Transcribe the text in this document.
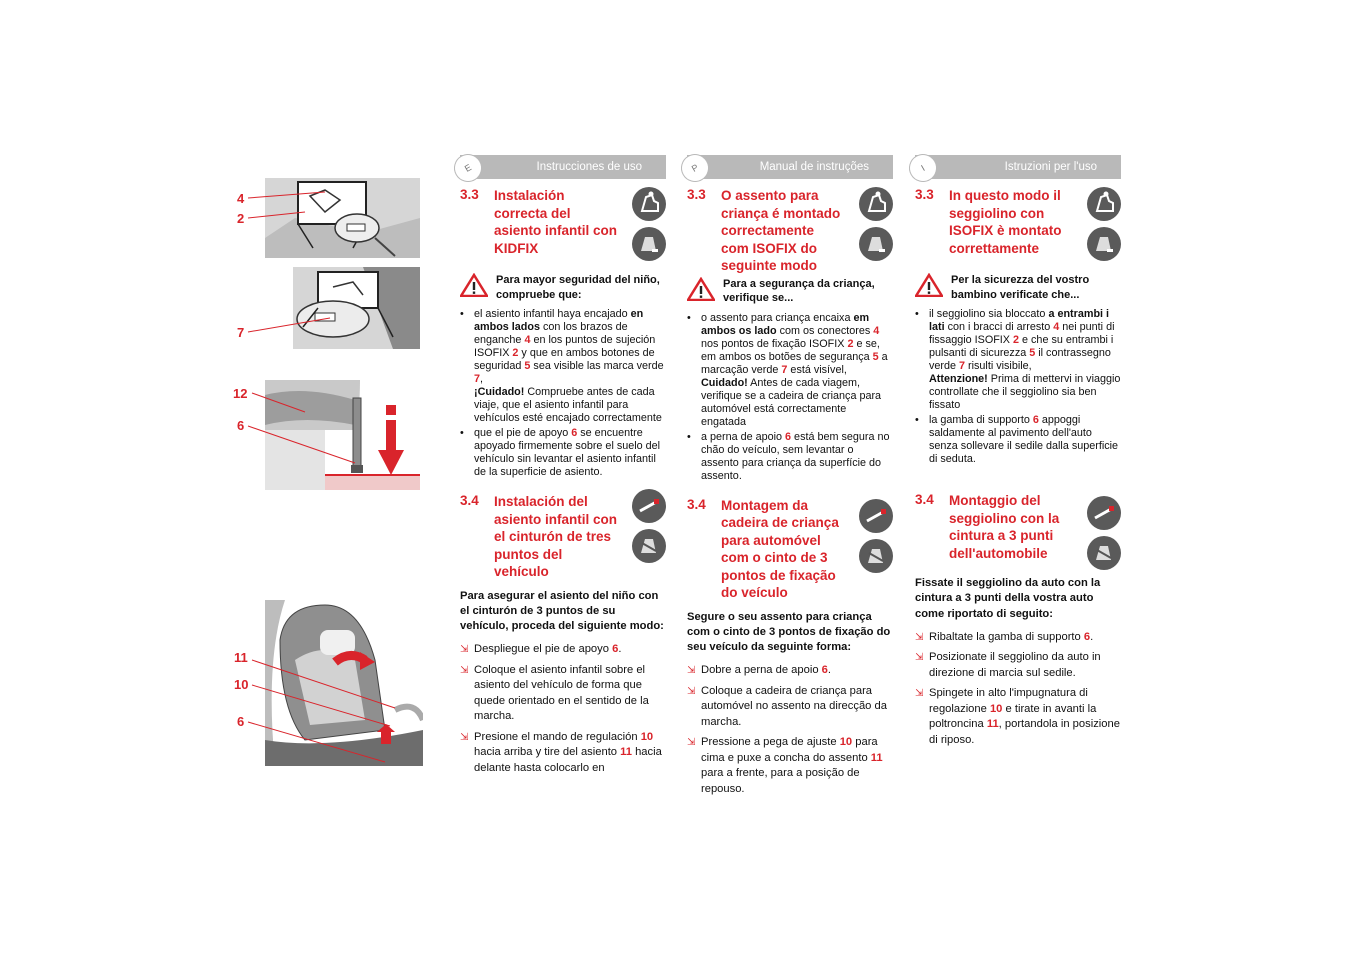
4
2
7
12
6
11
10
6
E	Instrucciones de uso
3.3 Instalación correcta del asiento infantil con KIDFIX
Para mayor seguridad del niño, compruebe que:
• el asiento infantil haya encajado en ambos lados con los brazos de enganche 4 en los puntos de sujeción ISOFIX 2 y que en ambos botones de seguridad 5 sea visible las marca verde 7,
¡Cuidado! Compruebe antes de cada viaje, que el asiento infantil para vehículos esté encajado correctamente
• que el pie de apoyo 6 se encuentre apoyado firmemente sobre el suelo del vehículo sin levantar el asiento infantil de la superficie de asiento.
3.4 Instalación del asiento infantil con el cinturón de tres puntos del vehículo
Para asegurar el asiento del niño con el cinturón de 3 puntos de su vehículo, proceda del siguiente modo:
⇲ Despliegue el pie de apoyo 6.
⇲ Coloque el asiento infantil sobre el asiento del vehículo de forma que quede orientado en el sentido de la marcha.
⇲ Presione el mando de regulación 10 hacia arriba y tire del asiento 11 hacia delante hasta colocarlo en
P	Manual de instruções
3.3 O assento para criança é montado correctamente com ISOFIX do seguinte modo
Para a segurança da criança, verifique se...
• o assento para criança encaixa em ambos os lado com os conectores 4 nos pontos de fixação ISOFIX 2 e se, em ambos os botões de segurança 5 a marcação verde 7 está visível,
Cuidado! Antes de cada viagem, verifique se a cadeira de criança para automóvel está correctamente engatada
• a perna de apoio 6 está bem segura no chão do veículo, sem levantar o assento para criança da superfície do assento.
3.4 Montagem da cadeira de criança para automóvel com o cinto de 3 pontos de fixação do veículo
Segure o seu assento para criança com o cinto de 3 pontos de fixação do seu veículo da seguinte forma:
⇲ Dobre a perna de apoio 6.
⇲ Coloque a cadeira de criança para automóvel no assento na direcção da marcha.
⇲ Pressione a pega de ajuste 10 para cima e puxe a concha do assento 11 para a frente, para a posição de repouso.
I	Istruzioni per l'uso
3.3 In questo modo il seggiolino con ISOFIX è montato correttamente
Per la sicurezza del vostro bambino verificate che...
• il seggiolino sia bloccato a entrambi i lati con i bracci di arresto 4 nei punti di fissaggio ISOFIX 2 e che su entrambi i pulsanti di sicurezza 5 il contrassegno verde 7 risulti visibile,
Attenzione! Prima di mettervi in viaggio controllate che il seggiolino sia ben fissato
• la gamba di supporto 6 appoggi saldamente al pavimento dell'auto senza sollevare il sedile dalla superficie di seduta.
3.4 Montaggio del seggiolino con la cintura a 3 punti dell'automobile
Fissate il seggiolino da auto con la cintura a 3 punti della vostra auto come riportato di seguito:
⇲ Ribaltate la gamba di supporto 6.
⇲ Posizionate il seggiolino da auto in direzione di marcia sul sedile.
⇲ Spingete in alto l'impugnatura di regolazione 10 e tirate in avanti la poltroncina 11, portandola in posizione di riposo.
